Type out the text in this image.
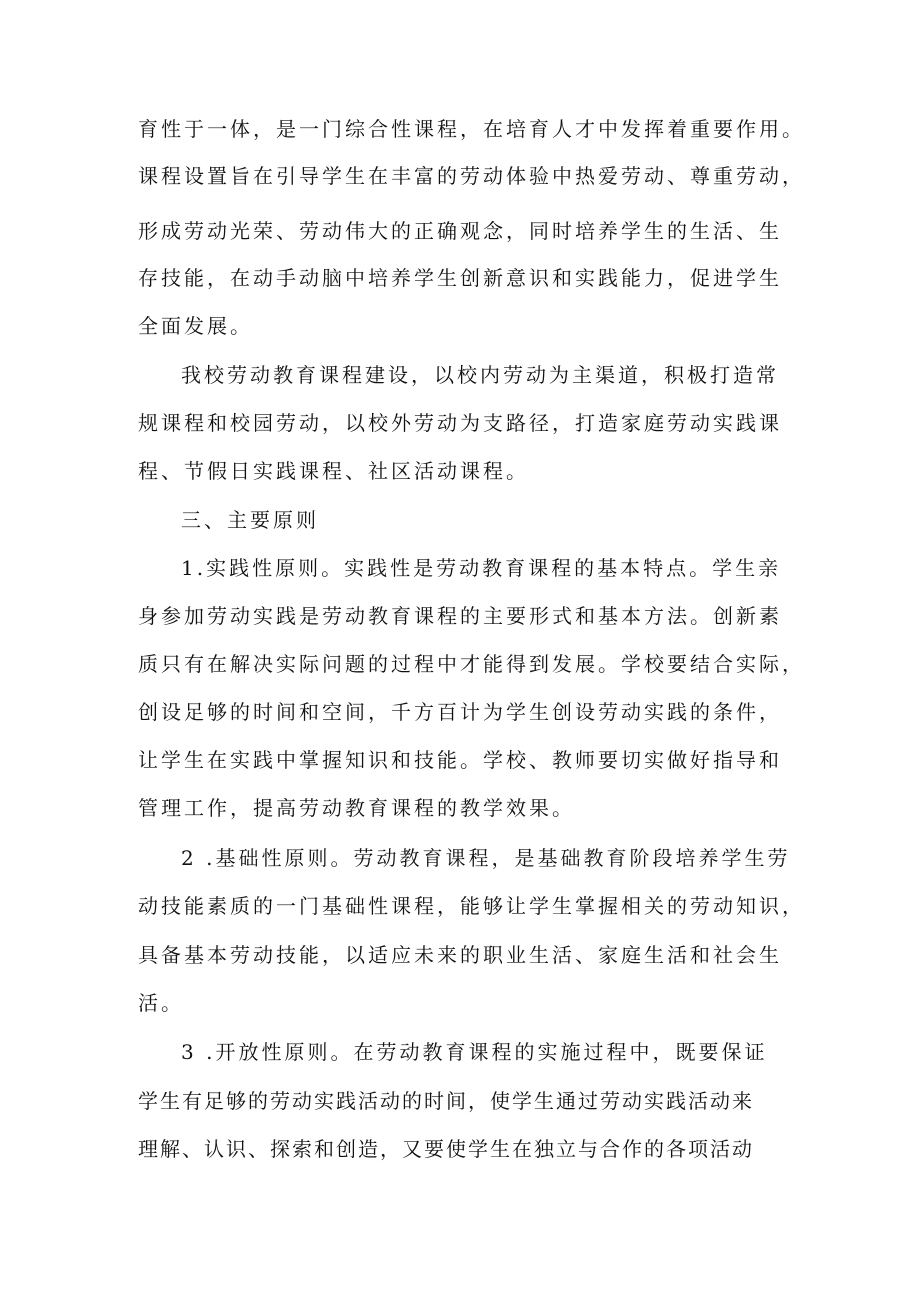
育性于一体，是一门综合性课程，在培育人才中发挥着重要作用。

课程设置旨在引导学生在丰富的劳动体验中热爱劳动、尊重劳动，

形成劳动光荣、劳动伟大的正确观念，同时培养学生的生活、生

存技能，在动手动脑中培养学生创新意识和实践能力，促进学生

全面发展。

我校劳动教育课程建设，以校内劳动为主渠道，积极打造常

规课程和校园劳动，以校外劳动为支路径，打造家庭劳动实践课

程、节假日实践课程、社区活动课程。

三、主要原则

1.实践性原则。实践性是劳动教育课程的基本特点。学生亲

身参加劳动实践是劳动教育课程的主要形式和基本方法。创新素

质只有在解决实际问题的过程中才能得到发展。学校要结合实际，

创设足够的时间和空间，千方百计为学生创设劳动实践的条件，

让学生在实践中掌握知识和技能。学校、教师要切实做好指导和

管理工作，提高劳动教育课程的教学效果。

2 .基础性原则。劳动教育课程，是基础教育阶段培养学生劳

动技能素质的一门基础性课程，能够让学生掌握相关的劳动知识，

具备基本劳动技能，以适应未来的职业生活、家庭生活和社会生

活。

3 .开放性原则。在劳动教育课程的实施过程中，既要保证

学生有足够的劳动实践活动的时间，使学生通过劳动实践活动来

理解、认识、探索和创造，又要使学生在独立与合作的各项活动
